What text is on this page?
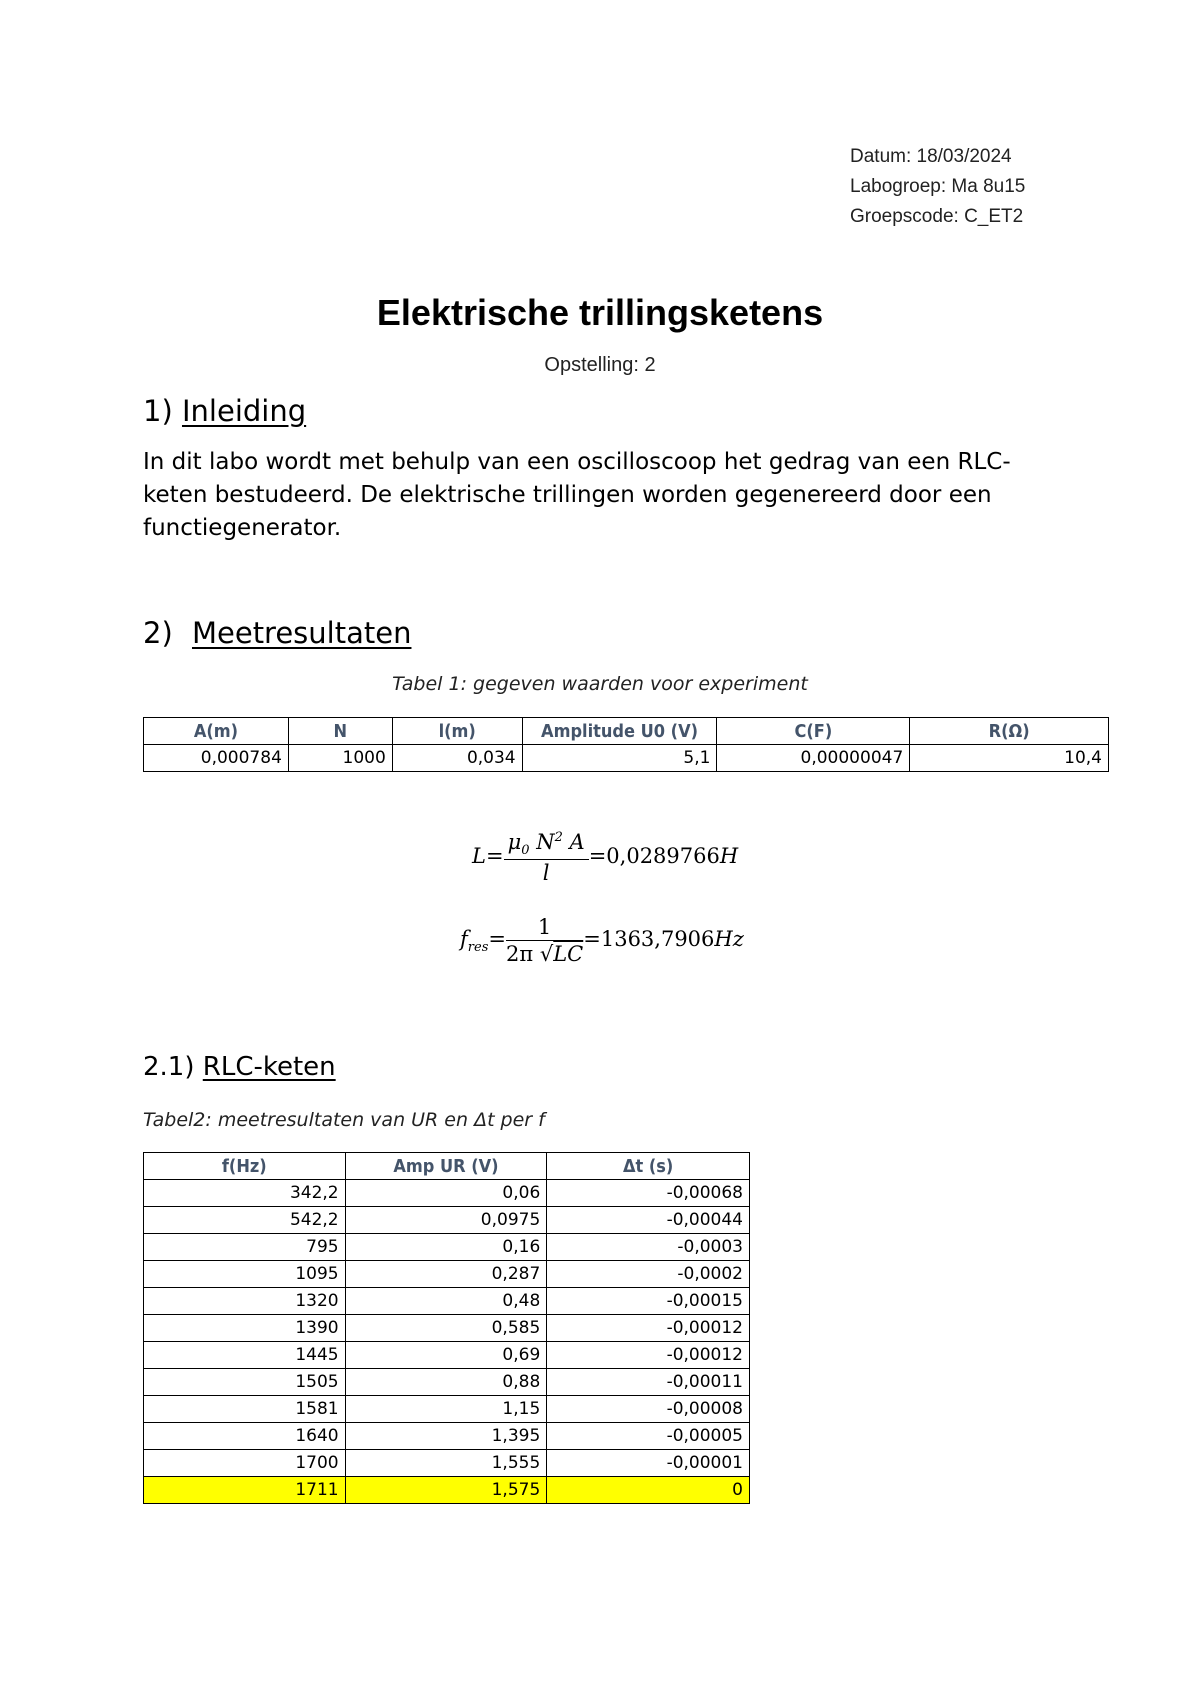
Datum: 18/03/2024
Labogroep: Ma 8u15
Groepscode: C_ET2
Elektrische trillingsketens
Opstelling: 2
1) Inleiding
In dit labo wordt met behulp van een oscilloscoop het gedrag van een RLC-keten bestudeerd. De elektrische trillingen worden gegenereerd door een functiegenerator.
2) Meetresultaten
Tabel 1: gegeven waarden voor experiment
A(m)	N	l(m)	Amplitude U0 (V)	C(F)	R(Ω)
0,000784	1000	0,034	5,1	0,00000047	10,4
$L= \frac{\mu_0 N^2 A}{l} =0,0289766H$
$f_{res}= \frac{1}{2\pi √LC} =1363,7906Hz$
2.1) RLC-keten
Tabel2: meetresultaten van UR en Δt per f
f(Hz)	Amp UR (V)	Δt (s)
342,2	0,06	-0,00068
542,2	0,0975	-0,00044
795	0,16	-0,0003
1095	0,287	-0,0002
1320	0,48	-0,00015
1390	0,585	-0,00012
1445	0,69	-0,00012
1505	0,88	-0,00011
1581	1,15	-0,00008
1640	1,395	-0,00005
1700	1,555	-0,00001
1711	1,575	0
